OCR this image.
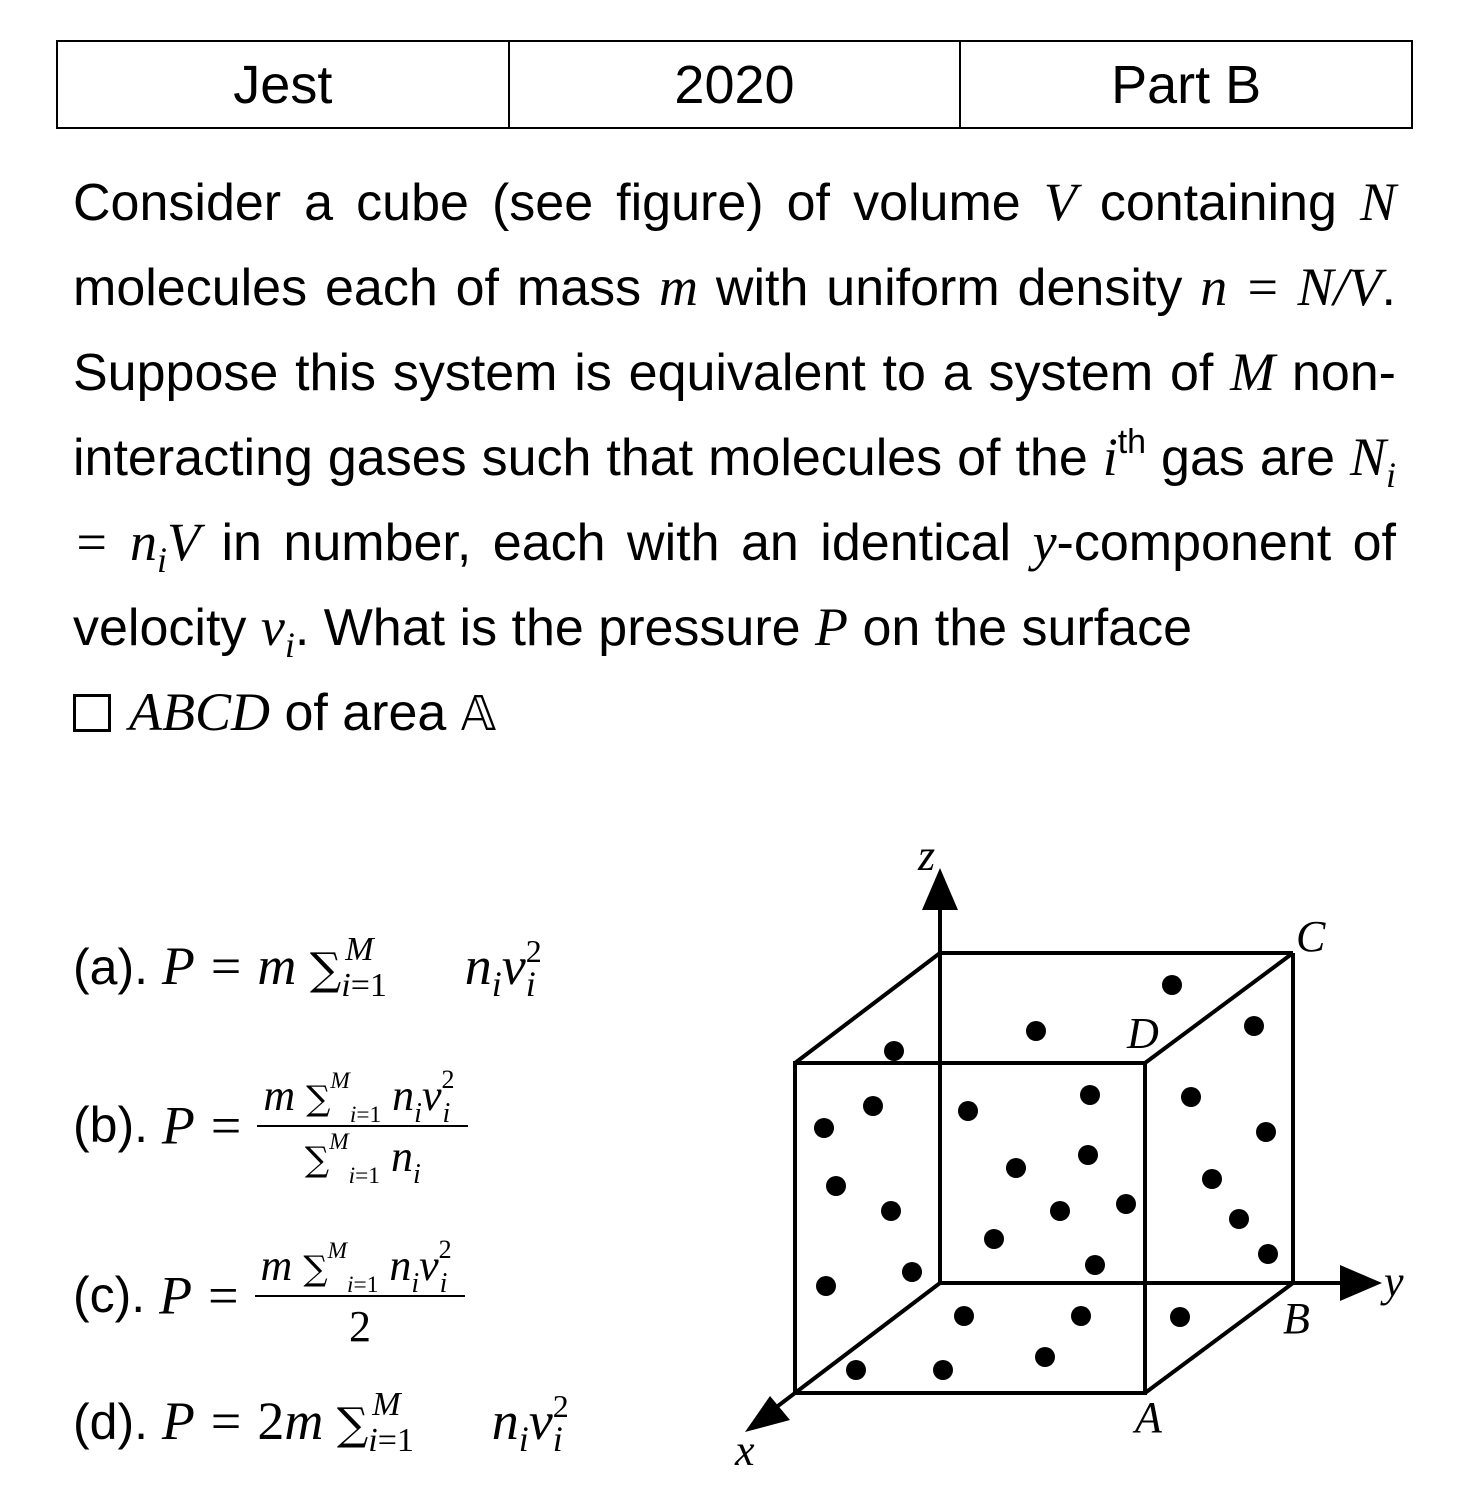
Jest	2020	Part B
Consider a cube (see figure) of volume V containing N molecules each of mass m with uniform density n = N/V. Suppose this system is equivalent to a system of M non-interacting gases such that molecules of the $i^{th}$ gas are $N_i = n_iV$ in number, each with an identical y-component of velocity $v_i$. What is the pressure P on the surface
ABCD of area 𝔸
(a). P = m ∑ M
i=1 $n_iv^2_i$
(b). $P = \frac{m \sum^M_{i=1} n_iv^2_i}{\sum^M_{i=1} n_i}$
(c). $P = \frac{m \sum^M_{i=1} n_iv^2_i}{2}$
(d). P = 2m ∑ M
i=1 $n_iv^2_i$
z
y
x
C
D
B
A
